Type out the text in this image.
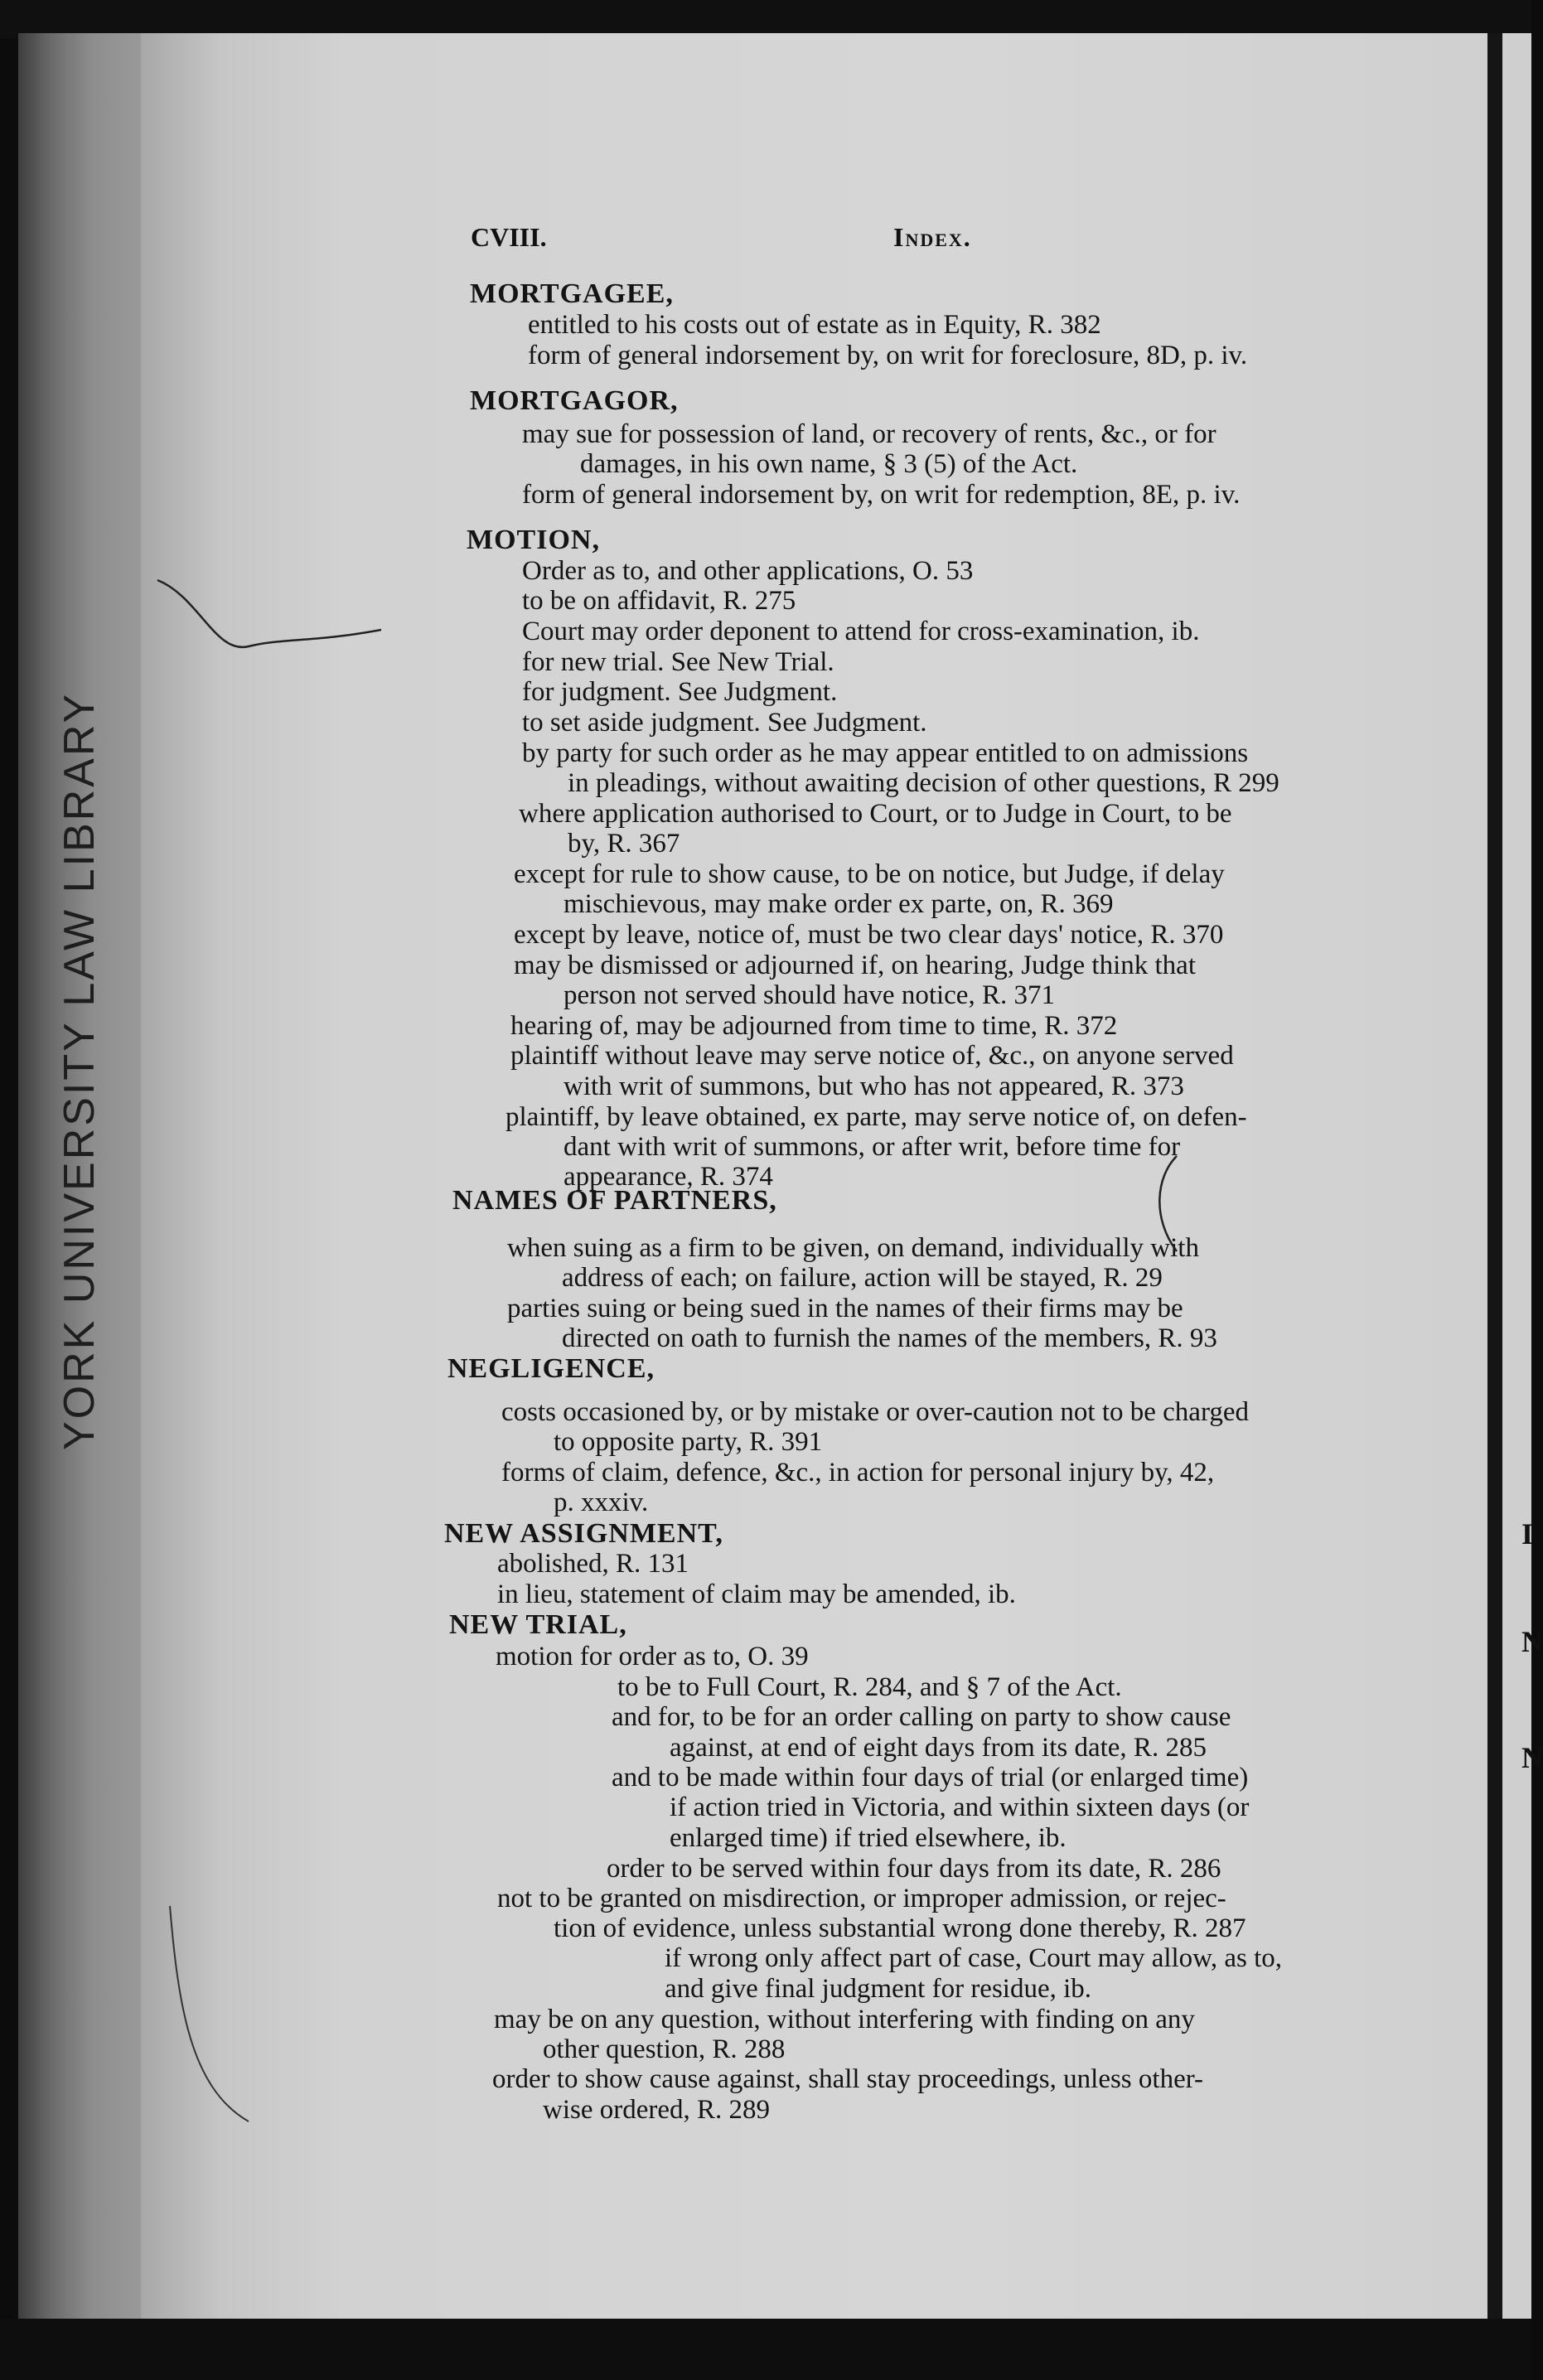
YORK UNIVERSITY LAW LIBRARY
CVIII.	Index.
MORTGAGEE,
entitled to his costs out of estate as in Equity, R. 382
form of general indorsement by, on writ for foreclosure, 8D, p. iv.
MORTGAGOR,
may sue for possession of land, or recovery of rents, &c., or for
damages, in his own name, § 3 (5) of the Act.
form of general indorsement by, on writ for redemption, 8E, p. iv.
MOTION,
Order as to, and other applications, O. 53
to be on affidavit, R. 275
Court may order deponent to attend for cross-examination, ib.
for new trial. See New Trial.
for judgment. See Judgment.
to set aside judgment. See Judgment.
by party for such order as he may appear entitled to on admissions
in pleadings, without awaiting decision of other questions, R 299
where application authorised to Court, or to Judge in Court, to be
by, R. 367
except for rule to show cause, to be on notice, but Judge, if delay
mischievous, may make order ex parte, on, R. 369
except by leave, notice of, must be two clear days' notice, R. 370
may be dismissed or adjourned if, on hearing, Judge think that
person not served should have notice, R. 371
hearing of, may be adjourned from time to time, R. 372
plaintiff without leave may serve notice of, &c., on anyone served
with writ of summons, but who has not appeared, R. 373
plaintiff, by leave obtained, ex parte, may serve notice of, on defen-
dant with writ of summons, or after writ, before time for
appearance, R. 374
NAMES OF PARTNERS,
when suing as a firm to be given, on demand, individually with
address of each; on failure, action will be stayed, R. 29
parties suing or being sued in the names of their firms may be
directed on oath to furnish the names of the members, R. 93
NEGLIGENCE,
costs occasioned by, or by mistake or over-caution not to be charged
to opposite party, R. 391
forms of claim, defence, &c., in action for personal injury by, 42,
p. xxxiv.
NEW ASSIGNMENT,
abolished, R. 131
in lieu, statement of claim may be amended, ib.
NEW TRIAL,
motion for order as to, O. 39
to be to Full Court, R. 284, and § 7 of the Act.
and for, to be for an order calling on party to show cause
against, at end of eight days from its date, R. 285
and to be made within four days of trial (or enlarged time)
if action tried in Victoria, and within sixteen days (or
enlarged time) if tried elsewhere, ib.
order to be served within four days from its date, R. 286
not to be granted on misdirection, or improper admission, or rejec-
tion of evidence, unless substantial wrong done thereby, R. 287
if wrong only affect part of case, Court may allow, as to,
and give final judgment for residue, ib.
may be on any question, without interfering with finding on any
other question, R. 288
order to show cause against, shall stay proceedings, unless other-
wise ordered, R. 289
I
N
N
